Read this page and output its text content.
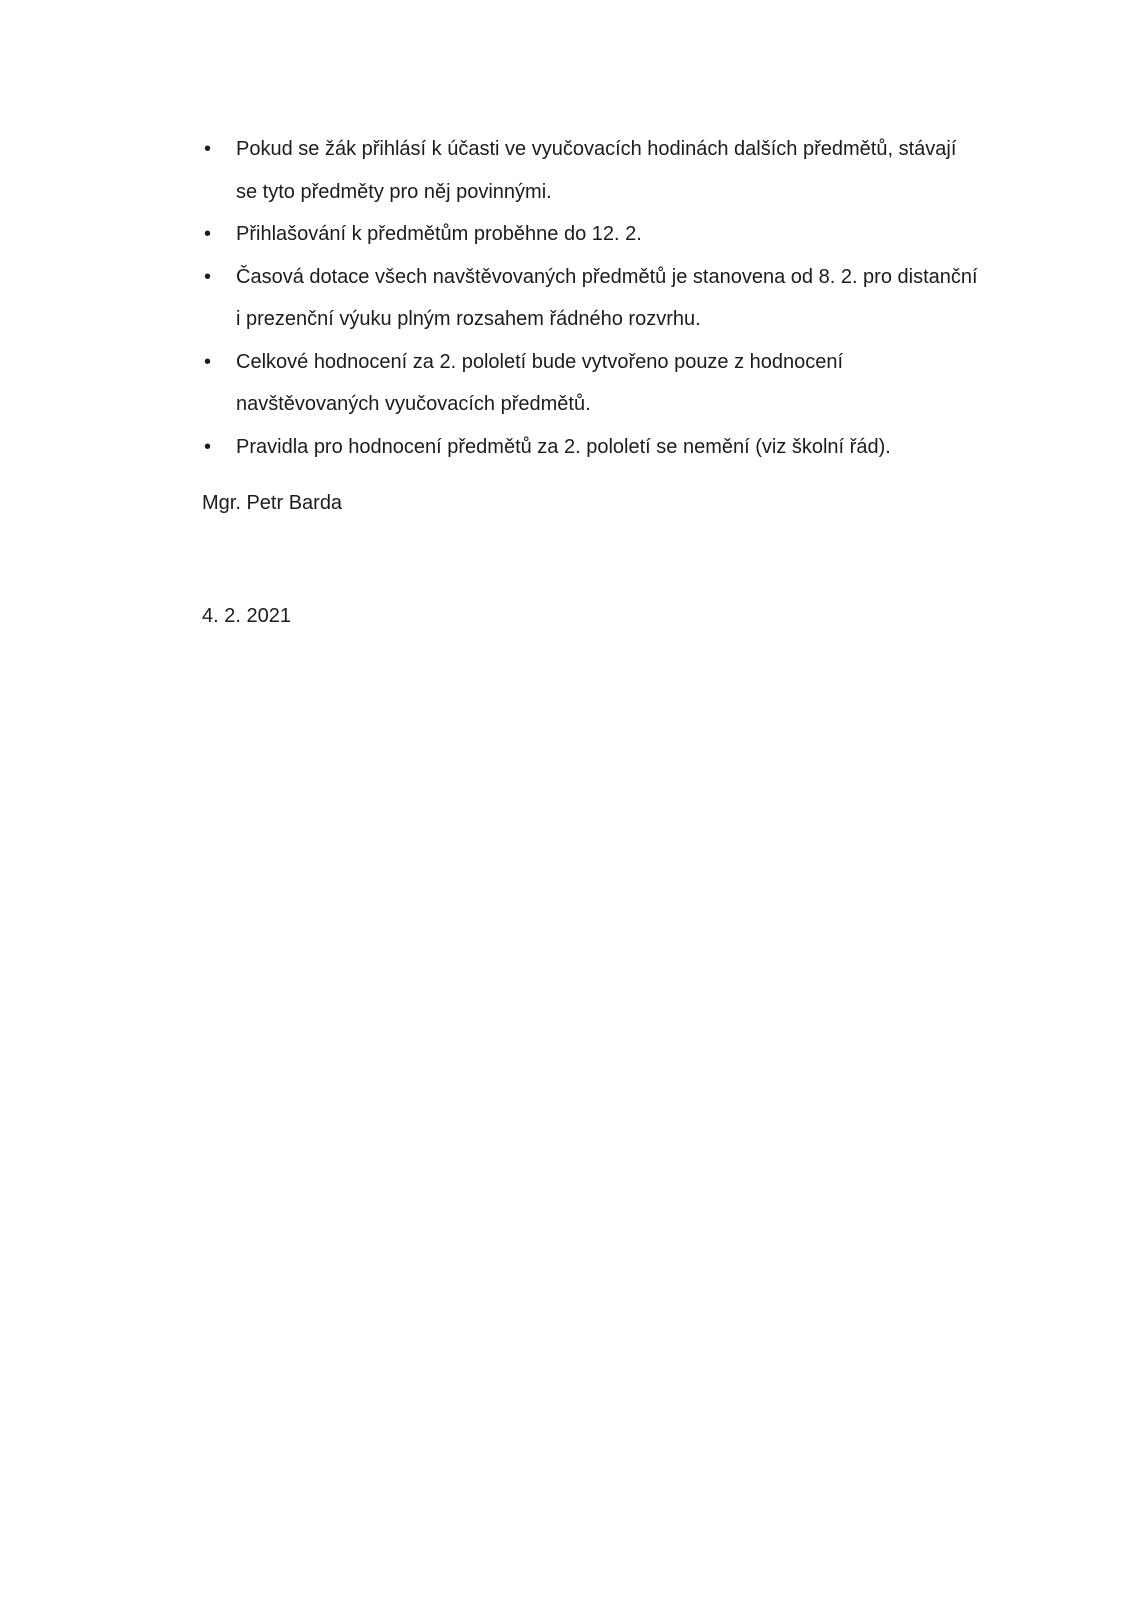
• Pokud se žák přihlásí k účasti ve vyučovacích hodinách dalších předmětů, stávají se tyto předměty pro něj povinnými.
• Přihlašování k předmětům proběhne do 12. 2.
• Časová dotace všech navštěvovaných předmětů je stanovena od 8. 2. pro distanční i prezenční výuku plným rozsahem řádného rozvrhu.
• Celkové hodnocení za 2. pololetí bude vytvořeno pouze z hodnocení navštěvovaných vyučovacích předmětů.
• Pravidla pro hodnocení předmětů za 2. pololetí se nemění (viz školní řád).

Mgr. Petr Barda

4. 2. 2021
